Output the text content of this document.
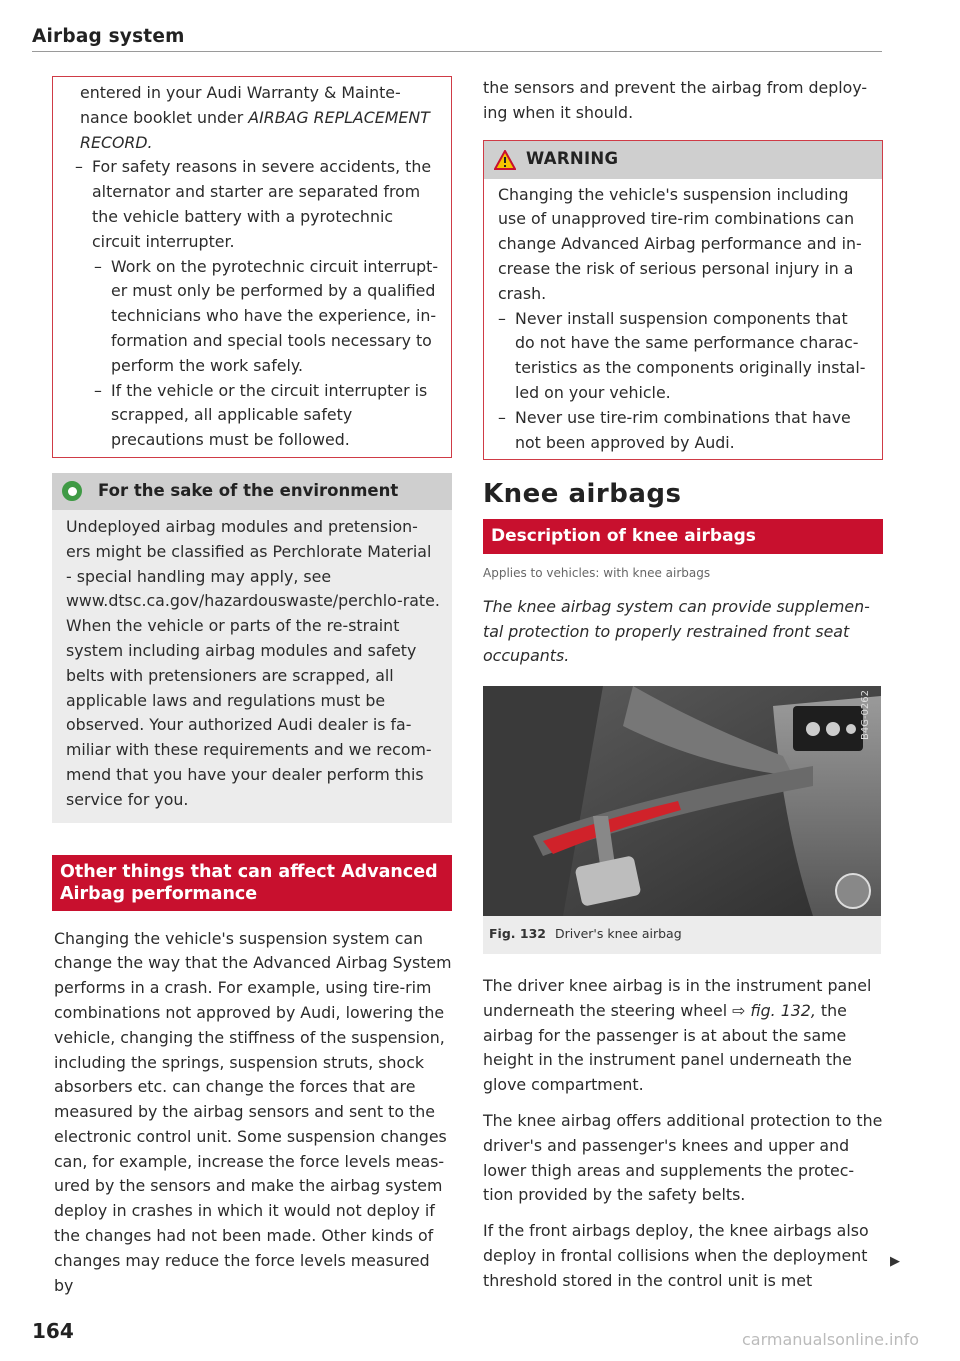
Airbag system

entered in your Audi Warranty & Mainte-nance booklet under AIRBAG REPLACEMENT RECORD.

– For safety reasons in severe accidents, the alternator and starter are separated from the vehicle battery with a pyrotechnic circuit interrupter.

– Work on the pyrotechnic circuit interrupt-er must only be performed by a qualified technicians who have the experience, in-formation and special tools necessary to perform the work safely.

– If the vehicle or the circuit interrupter is scrapped, all applicable safety precautions must be followed.

For the sake of the environment

Undeployed airbag modules and pretension-ers might be classified as Perchlorate Material - special handling may apply, see www.dtsc.ca.gov/hazardouswaste/perchlo-rate. When the vehicle or parts of the re-straint system including airbag modules and safety belts with pretensioners are scrapped, all applicable laws and regulations must be observed. Your authorized Audi dealer is fa-miliar with these requirements and we recom-mend that you have your dealer perform this service for you.

Other things that can affect Advanced Airbag performance

Changing the vehicle's suspension system can change the way that the Advanced Airbag System performs in a crash. For example, using tire-rim combinations not approved by Audi, lowering the vehicle, changing the stiffness of the suspension, including the springs, suspension struts, shock absorbers etc. can change the forces that are measured by the airbag sensors and sent to the electronic control unit. Some suspension changes can, for example, increase the force levels meas-ured by the sensors and make the airbag system deploy in crashes in which it would not deploy if the changes had not been made. Other kinds of changes may reduce the force levels measured by

the sensors and prevent the airbag from deploy-ing when it should.

WARNING

Changing the vehicle's suspension including use of unapproved tire-rim combinations can change Advanced Airbag performance and in-crease the risk of serious personal injury in a crash.

– Never install suspension components that do not have the same performance charac-teristics as the components originally instal-led on your vehicle.

– Never use tire-rim combinations that have not been approved by Audi.

Knee airbags
Description of knee airbags
Applies to vehicles: with knee airbags

The knee airbag system can provide supplemen-tal protection to properly restrained front seat occupants.

B4G-0262
Fig. 132 Driver's knee airbag

The driver knee airbag is in the instrument panel underneath the steering wheel ⇨ fig. 132, the airbag for the passenger is at about the same height in the instrument panel underneath the glove compartment.

The knee airbag offers additional protection to the driver's and passenger's knees and upper and lower thigh areas and supplements the protec-tion provided by the safety belts.

If the front airbags deploy, the knee airbags also deploy in frontal collisions when the deployment threshold stored in the control unit is met

▶
164	carmanualsonline.info
